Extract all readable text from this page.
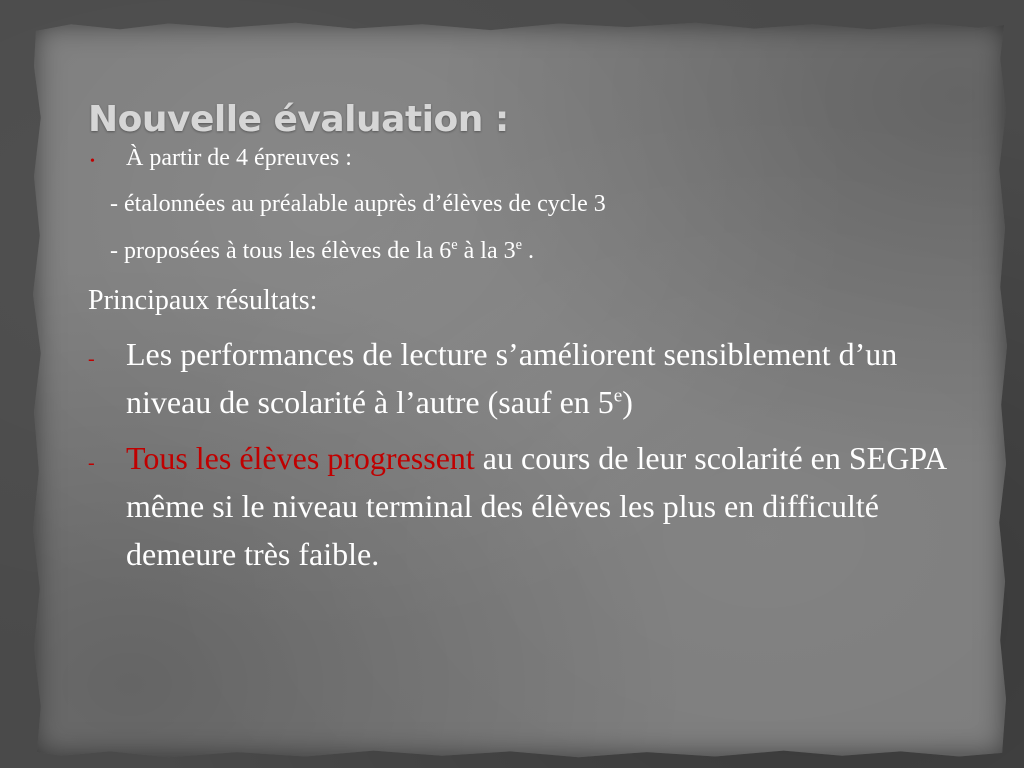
Nouvelle évaluation :
•	À partir de 4 épreuves :
- étalonnées au préalable auprès d’élèves de cycle 3
- proposées à tous les élèves de la 6e à la 3e .
Principaux résultats:
- Les performances de lecture s’améliorent sensiblement d’un niveau de scolarité à l’autre (sauf en 5e)
- Tous les élèves progressent au cours de leur scolarité en SEGPA même si le niveau terminal des élèves les plus en difficulté demeure très faible.
